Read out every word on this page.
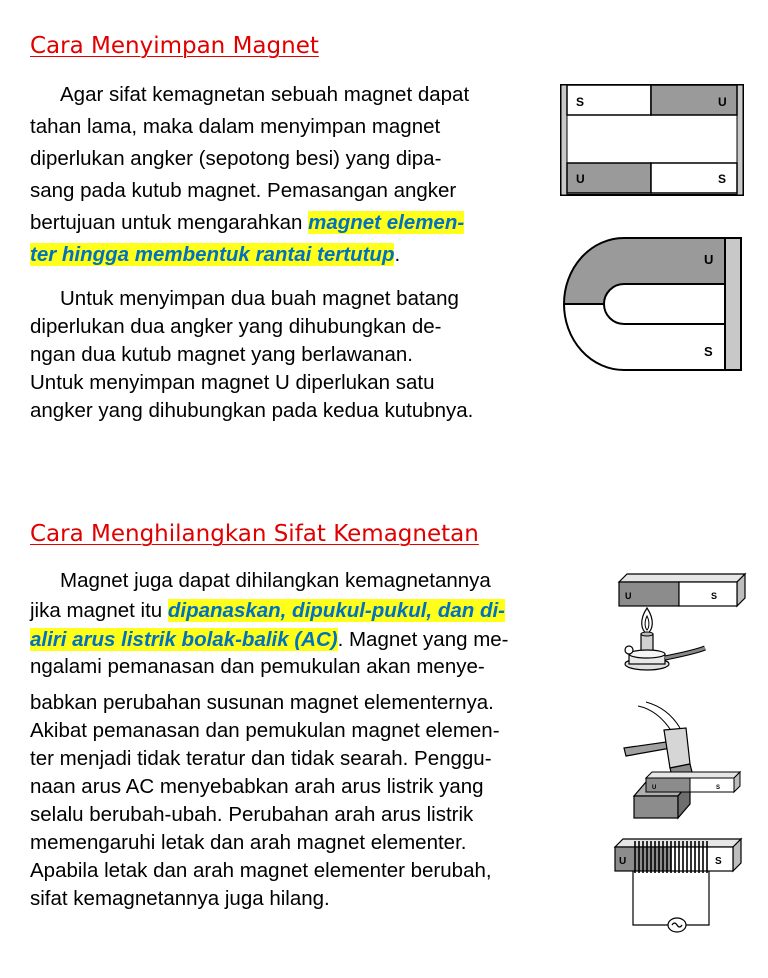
Cara Menyimpan Magnet

Agar sifat kemagnetan sebuah magnet dapat

tahan lama, maka dalam menyimpan magnet

diperlukan angker (sepotong besi) yang dipa-

sang pada kutub magnet. Pemasangan angker

bertujuan untuk mengarahkan magnet elemen-

ter hingga membentuk rantai tertutup.

Untuk menyimpan dua buah magnet batang

diperlukan dua angker yang dihubungkan de-

ngan dua kutub magnet yang berlawanan.

Untuk menyimpan magnet U diperlukan satu

angker yang dihubungkan pada kedua kutubnya.

S	U
U	S
U
S
Cara Menghilangkan Sifat Kemagnetan

Magnet juga dapat dihilangkan kemagnetannya

jika magnet itu dipanaskan, dipukul-pukul, dan di-

aliri arus listrik bolak-balik (AC). Magnet yang me-

ngalami pemanasan dan pemukulan akan menye-

babkan perubahan susunan magnet elementernya.

Akibat pemanasan dan pemukulan magnet elemen-

ter menjadi tidak teratur dan tidak searah. Penggu-

naan arus AC menyebabkan arah arus listrik yang

selalu berubah-ubah. Perubahan arah arus listrik

memengaruhi letak dan arah magnet elementer.

Apabila letak dan arah magnet elementer berubah,

sifat kemagnetannya juga hilang.

U	S
U	S
U	S
